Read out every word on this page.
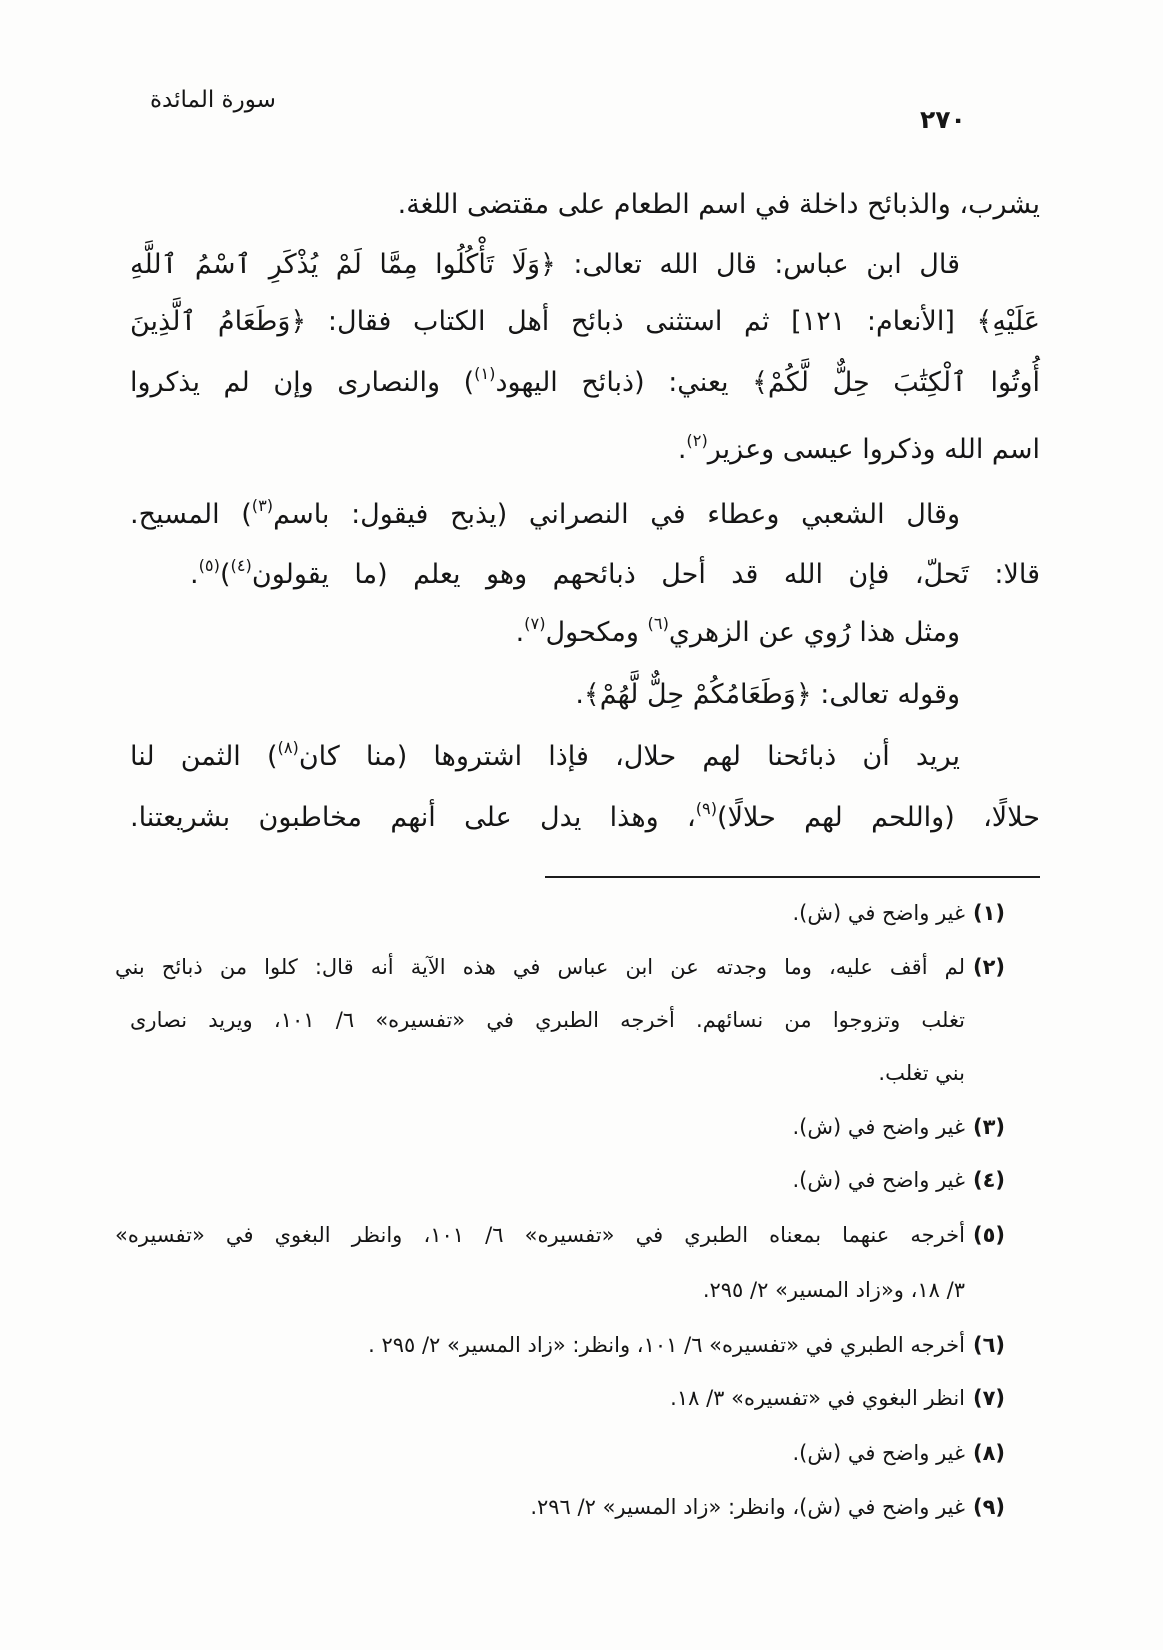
سورة المائدة
٢٧٠
يشرب، والذبائح داخلة في اسم الطعام على مقتضى اللغة.
قال ابن عباس: قال الله تعالى: ﴿وَلَا تَأْكُلُوا مِمَّا لَمْ يُذْكَرِ ٱسْمُ ٱللَّهِ
عَلَيْهِ﴾ [الأنعام: ١٢١] ثم استثنى ذبائح أهل الكتاب فقال: ﴿وَطَعَامُ ٱلَّذِينَ
أُوتُوا ٱلْكِتَٰبَ حِلٌّ لَّكُمْ﴾ يعني: (ذبائح اليهود$^{(١)}$) والنصارى وإن لم يذكروا
اسم الله وذكروا عيسى وعزير$^{(٢)}$.
وقال الشعبي وعطاء في النصراني (يذبح فيقول: باسم$^{(٣)}$) المسيح.
قالا: تَحلّ، فإن الله قد أحل ذبائحهم وهو يعلم (ما يقولون$^{(٤)}$)$^{(٥)}$.
ومثل هذا رُوي عن الزهري$^{(٦)}$ ومكحول$^{(٧)}$.
وقوله تعالى: ﴿وَطَعَامُكُمْ حِلٌّ لَّهُمْ﴾.
يريد أن ذبائحنا لهم حلال، فإذا اشتروها (منا كان$^{(٨)}$) الثمن لنا
حلالًا، (واللحم لهم حلالًا)$^{(٩)}$، وهذا يدل على أنهم مخاطبون بشريعتنا.
(١)
غير واضح في (ش).
(٢)
لم أقف عليه، وما وجدته عن ابن عباس في هذه الآية أنه قال: كلوا من ذبائح بني
تغلب وتزوجوا من نسائهم. أخرجه الطبري في «تفسيره» ٦/ ١٠١، ويريد نصارى
بني تغلب.
(٣)
غير واضح في (ش).
(٤)
غير واضح في (ش).
(٥)
أخرجه عنهما بمعناه الطبري في «تفسيره» ٦/ ١٠١، وانظر البغوي في «تفسيره»
٣/ ١٨، و«زاد المسير» ٢/ ٢٩٥.
(٦)
أخرجه الطبري في «تفسيره» ٦/ ١٠١، وانظر: «زاد المسير» ٢/ ٢٩٥ .
(٧)
انظر البغوي في «تفسيره» ٣/ ١٨.
(٨)
غير واضح في (ش).
(٩)
غير واضح في (ش)، وانظر: «زاد المسير» ٢/ ٢٩٦.
